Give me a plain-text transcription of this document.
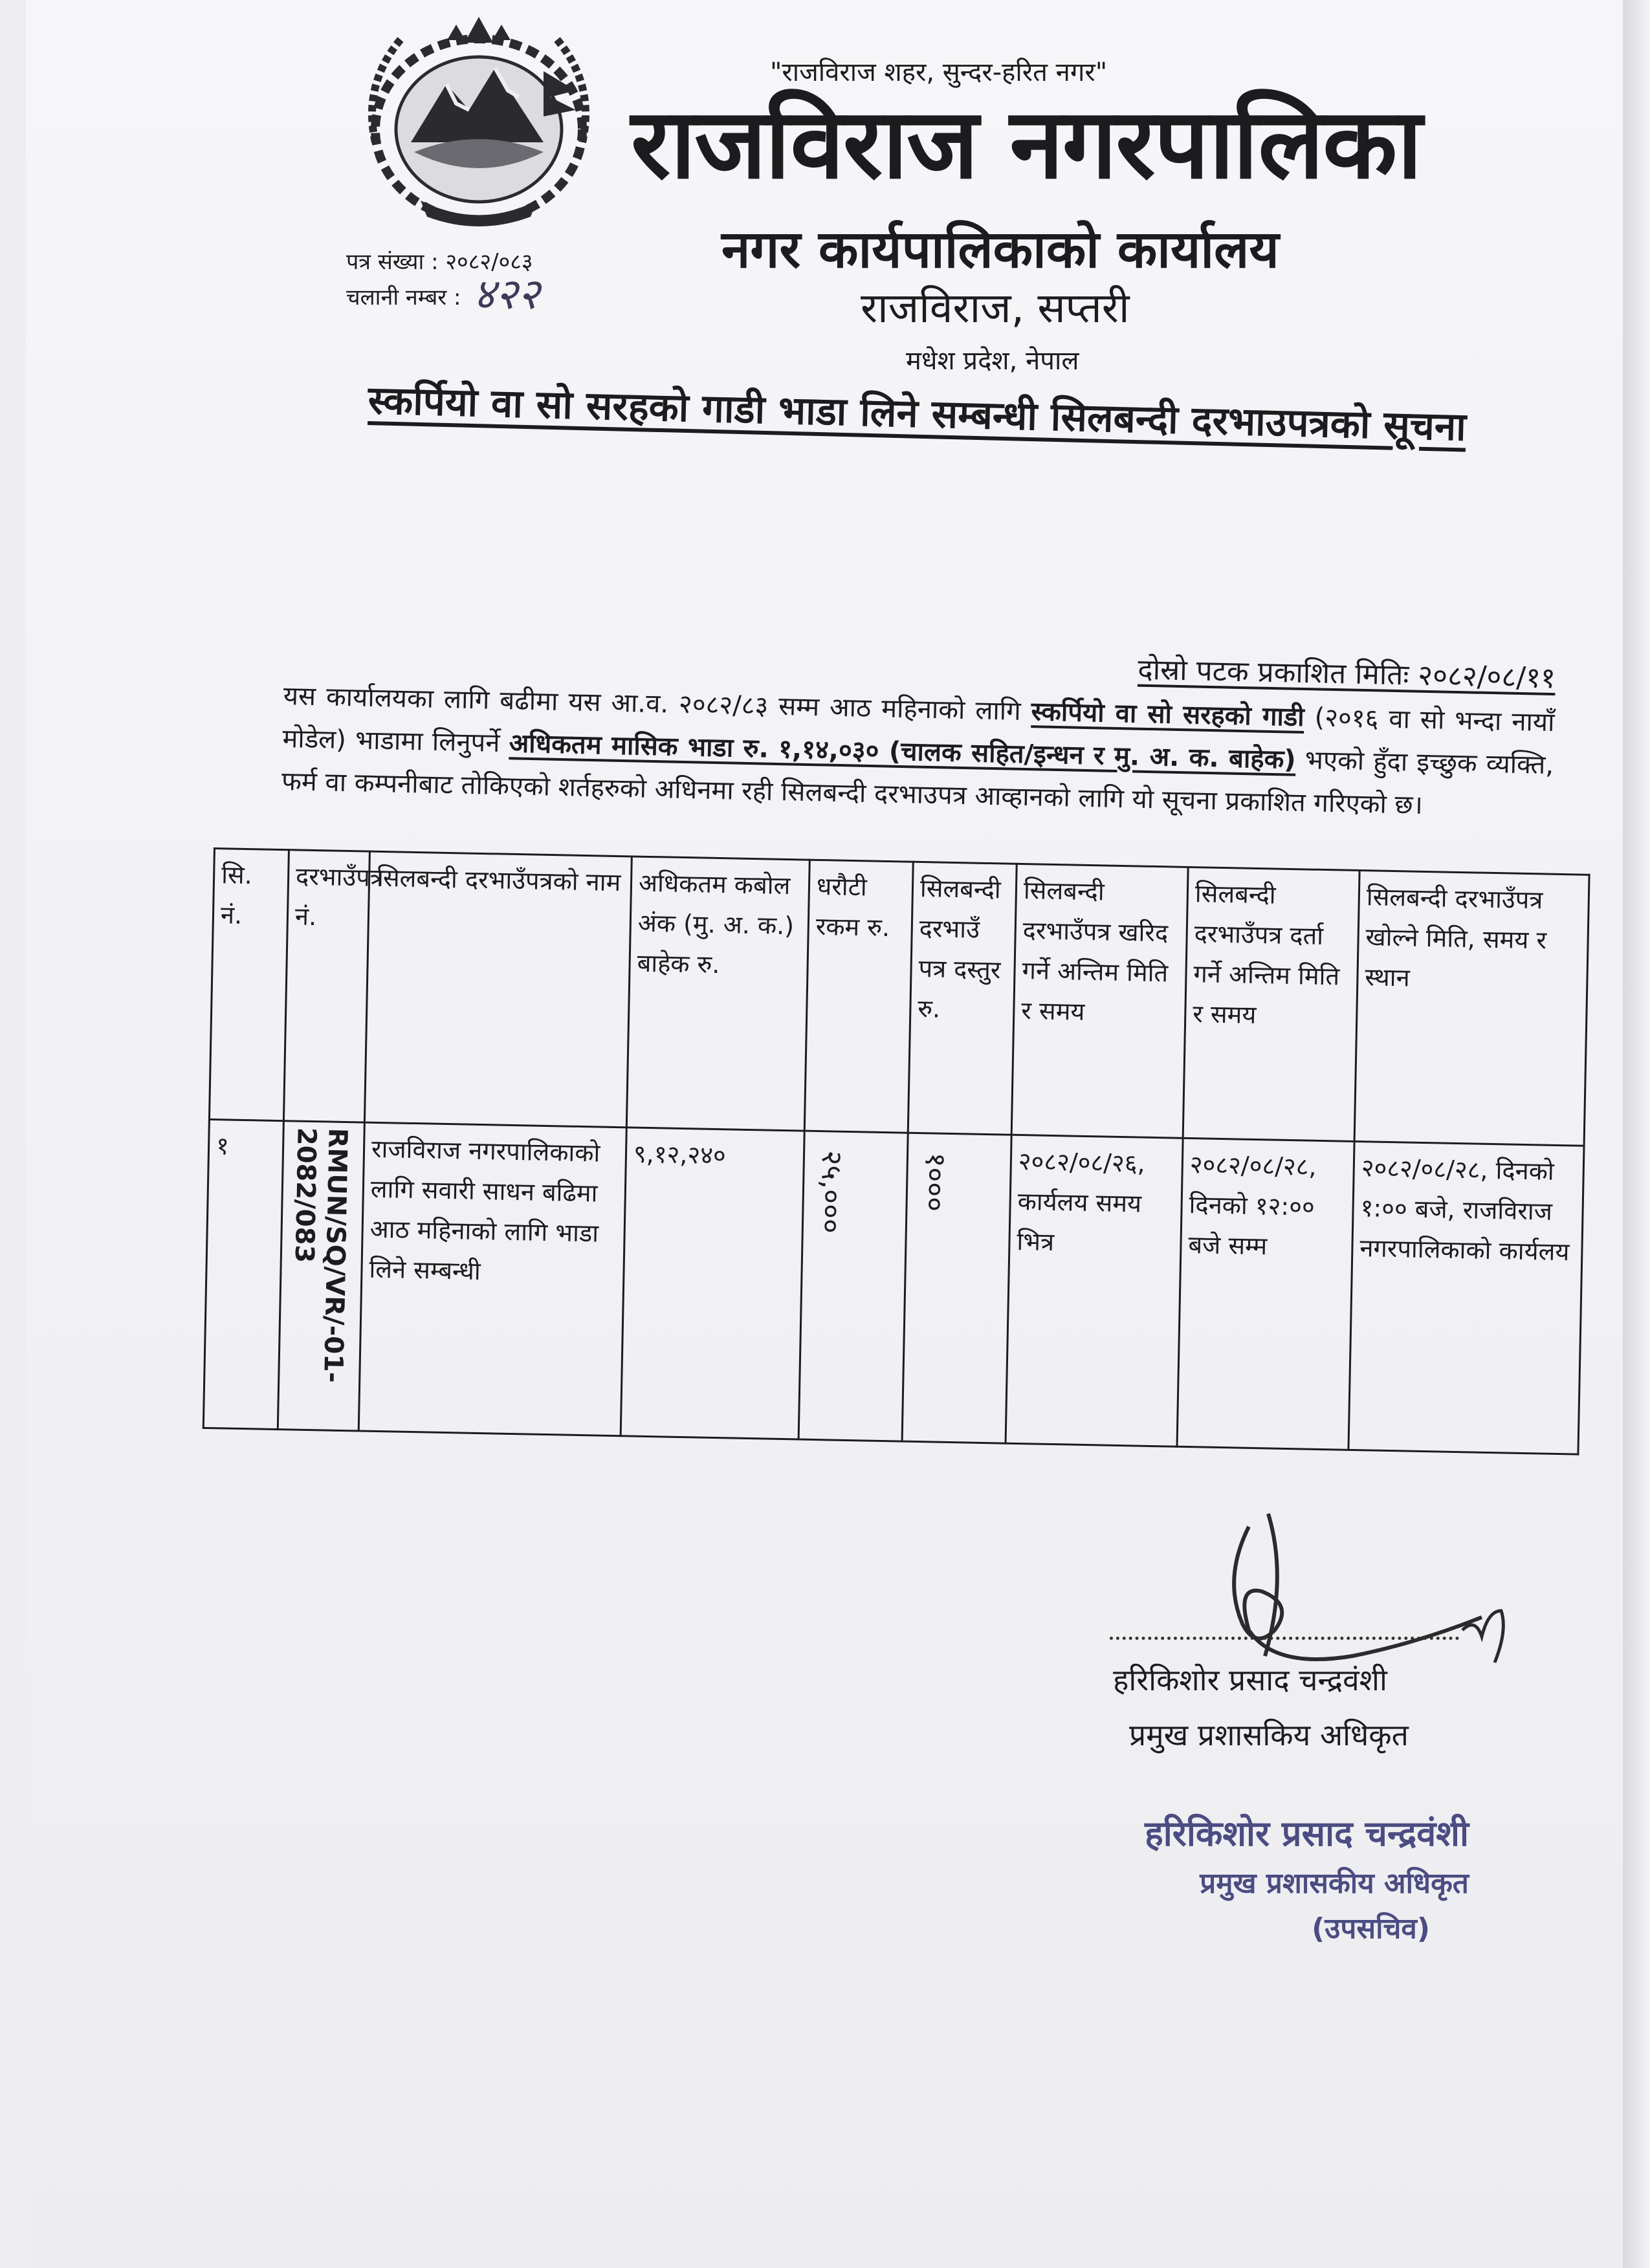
"राजविराज शहर, सुन्दर-हरित नगर"
राजविराज नगरपालिका
नगर कार्यपालिकाको कार्यालय
राजविराज, सप्तरी
मधेश प्रदेश, नेपाल
पत्र संख्या : २०८२/०८३
चलानी नम्बर : ४२२
स्कर्पियो वा सो सरहको गाडी भाडा लिने सम्बन्धी सिलबन्दी दरभाउपत्रको सूचना
दोस्रो पटक प्रकाशित मितिः २०८२/०८/११
यस कार्यालयका लागि बढीमा यस आ.व. २०८२/८३ सम्म आठ महिनाको लागि स्कर्पियो वा सो सरहको गाडी (२०१६ वा सो भन्दा नायाँ मोडेल) भाडामा लिनुपर्ने अधिकतम मासिक भाडा रु. १,१४,०३० (चालक सहित/इन्धन र मु. अ. क. बाहेक) भएको हुँदा इच्छुक व्यक्ति, फर्म वा कम्पनीबाट तोकिएको शर्तहरुको अधिनमा रही सिलबन्दी दरभाउपत्र आव्हानको लागि यो सूचना प्रकाशित गरिएको छ।
सि. नं.	दरभाउँपत्र नं.	सिलबन्दी दरभाउँपत्रको नाम	अधिकतम कबोल अंक (मु. अ. क.) बाहेक रु.	धरौटी रकम रु.	सिलबन्दी दरभाउँ पत्र दस्तुर रु.	सिलबन्दी दरभाउँपत्र खरिद गर्ने अन्तिम मिति र समय	सिलबन्दी दरभाउँपत्र दर्ता गर्ने अन्तिम मिति र समय	सिलबन्दी दरभाउँपत्र खोल्ने मिति, समय र स्थान
१	RMUN/SQ/VR/-01-2082/083	राजविराज नगरपालिकाको लागि सवारी साधन बढिमा आठ महिनाको लागि भाडा लिने सम्बन्धी	९,१२,२४०	२५,०००	१०००	२०८२/०८/२६, कार्यलय समय भित्र	२०८२/०८/२८, दिनको १२:०० बजे सम्म	२०८२/०८/२८, दिनको १:०० बजे, राजविराज नगरपालिकाको कार्यलय
हरिकिशोर प्रसाद चन्द्रवंशी
प्रमुख प्रशासकिय अधिकृत
हरिकिशोर प्रसाद चन्द्रवंशी
प्रमुख प्रशासकीय अधिकृत
(उपसचिव)
